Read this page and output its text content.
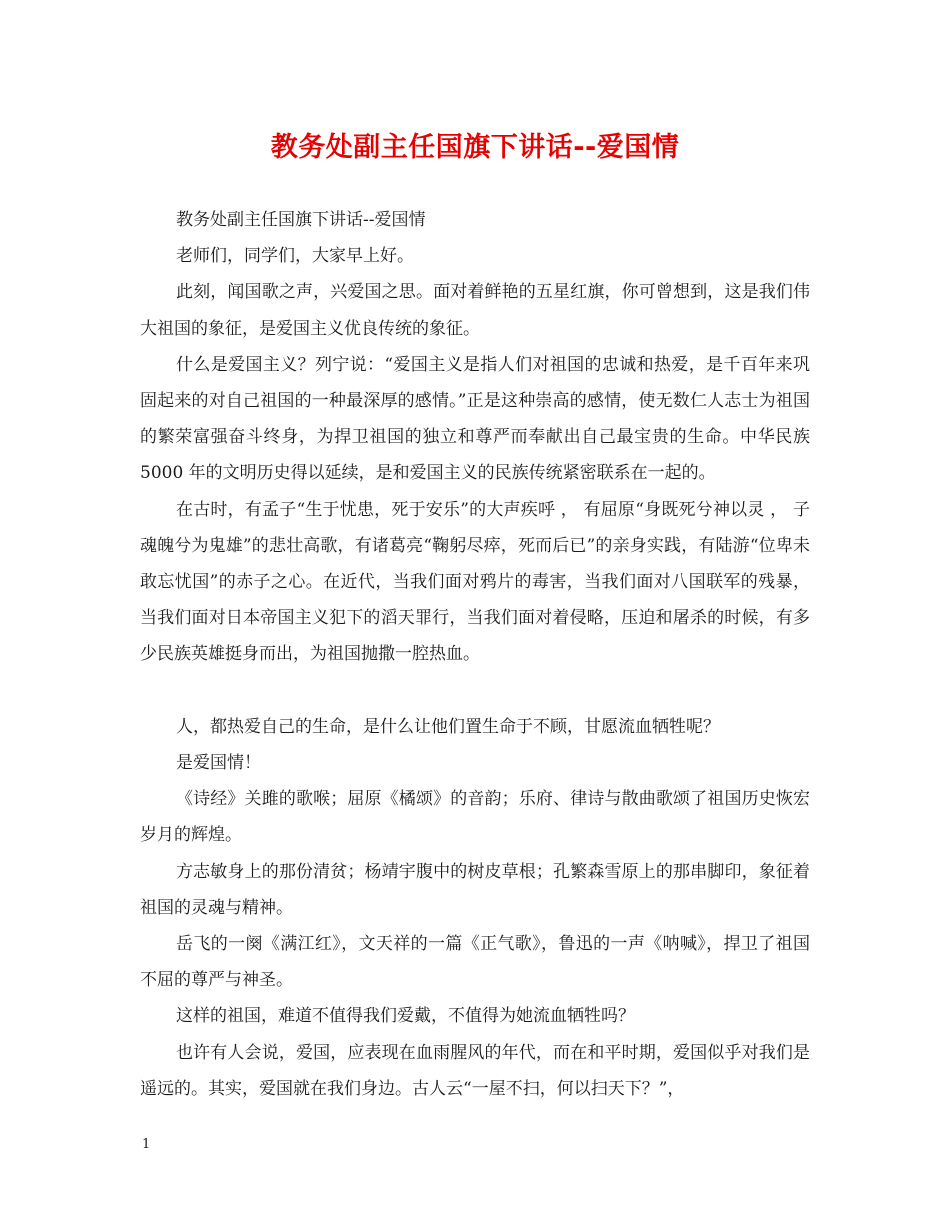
教务处副主任国旗下讲话--爱国情

教务处副主任国旗下讲话--爱国情

老师们，同学们，大家早上好。

此刻，闻国歌之声，兴爱国之思。面对着鲜艳的五星红旗，你可曾想到，这是我们伟大祖国的象征，是爱国主义优良传统的象征。

什么是爱国主义？列宁说：“爱国主义是指人们对祖国的忠诚和热爱，是千百年来巩固起来的对自己祖国的一种最深厚的感情。”正是这种崇高的感情，使无数仁人志士为祖国的繁荣富强奋斗终身，为捍卫祖国的独立和尊严而奉献出自己最宝贵的生命。中华民族 5000 年的文明历史得以延续，是和爱国主义的民族传统紧密联系在一起的。

在古时，有孟子“生于忧患，死于安乐”的大声疾呼 ， 有屈原“身既死兮神以灵 ， 子魂魄兮为鬼雄”的悲壮高歌，有诸葛亮“鞠躬尽瘁，死而后已”的亲身实践，有陆游“位卑未敢忘忧国”的赤子之心。在近代，当我们面对鸦片的毒害，当我们面对八国联军的残暴，当我们面对日本帝国主义犯下的滔天罪行，当我们面对着侵略，压迫和屠杀的时候，有多少民族英雄挺身而出，为祖国抛撒一腔热血。

人，都热爱自己的生命，是什么让他们置生命于不顾，甘愿流血牺牲呢？

是爱国情！

《诗经》关雎的歌喉；屈原《橘颂》的音韵；乐府、律诗与散曲歌颂了祖国历史恢宏岁月的辉煌。

方志敏身上的那份清贫；杨靖宇腹中的树皮草根；孔繁森雪原上的那串脚印，象征着祖国的灵魂与精神。

岳飞的一阕《满江红》，文天祥的一篇《正气歌》，鲁迅的一声《呐喊》，捍卫了祖国不屈的尊严与神圣。

这样的祖国，难道不值得我们爱戴，不值得为她流血牺牲吗？

也许有人会说，爱国，应表现在血雨腥风的年代，而在和平时期，爱国似乎对我们是遥远的。其实，爱国就在我们身边。古人云“一屋不扫，何以扫天下？”，

1
